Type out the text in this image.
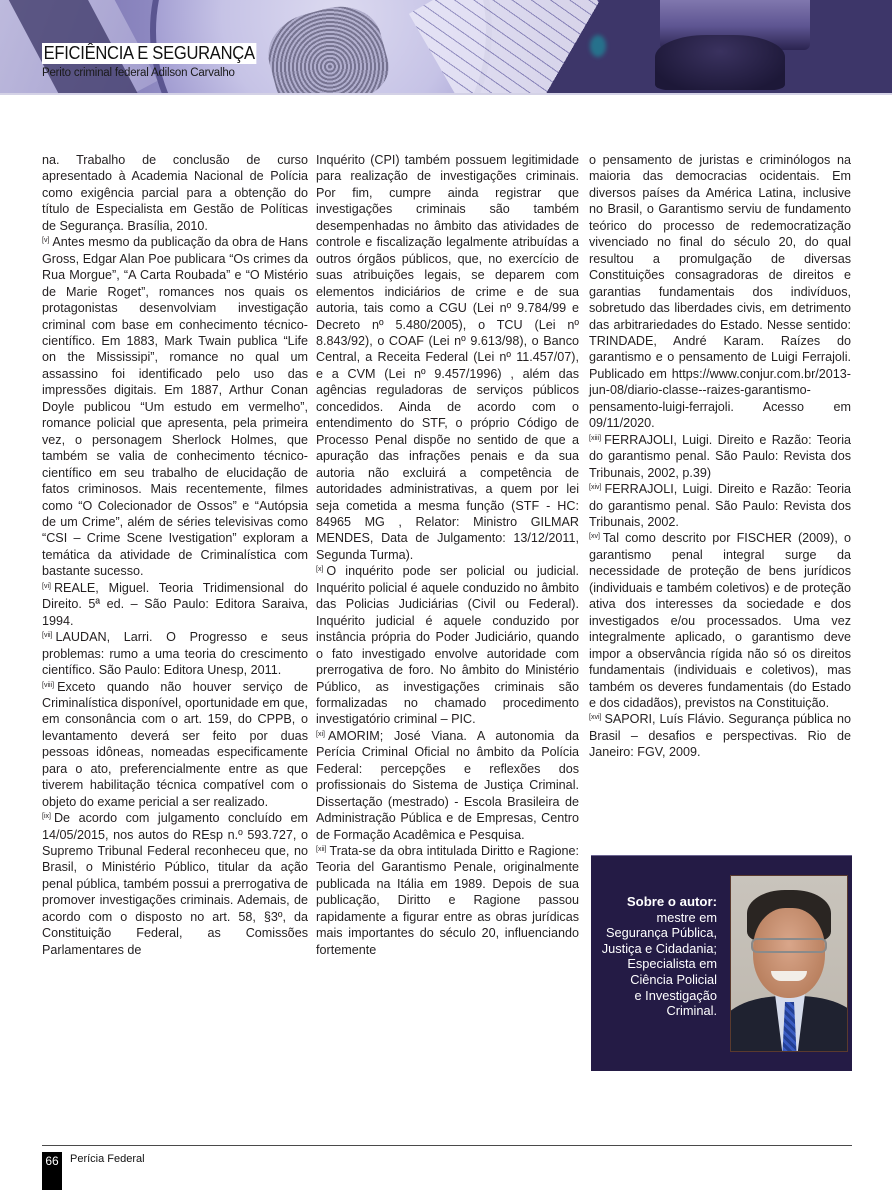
EFICIÊNCIA E SEGURANÇA
Perito criminal federal Adilson Carvalho

na. Trabalho de conclusão de curso apresentado à Academia Nacional de Polícia como exigência parcial para a obtenção do título de Especialista em Gestão de Políticas de Segurança. Brasília, 2010.

[v] Antes mesmo da publicação da obra de Hans Gross, Edgar Alan Poe publicara “Os crimes da Rua Morgue”, “A Carta Roubada” e “O Mistério de Marie Roget”, romances nos quais os protagonistas desenvolviam investigação criminal com base em conhecimento técnico-científico. Em 1883, Mark Twain publica “Life on the Mississipi”, romance no qual um assassino foi identificado pelo uso das impressões digitais. Em 1887, Arthur Conan Doyle publicou “Um estudo em vermelho”, romance policial que apresenta, pela primeira vez, o personagem Sherlock Holmes, que também se valia de conhecimento técnico-científico em seu trabalho de elucidação de fatos criminosos. Mais recentemente, filmes como “O Colecionador de Ossos” e “Autópsia de um Crime”, além de séries televisivas como “CSI – Crime Scene Ivestigation” exploram a temática da atividade de Criminalística com bastante sucesso.

[vi] REALE, Miguel. Teoria Tridimensional do Direito. 5ª ed. – São Paulo: Editora Saraiva, 1994.

[vii] LAUDAN, Larri. O Progresso e seus problemas: rumo a uma teoria do crescimento científico. São Paulo: Editora Unesp, 2011.

[viii] Exceto quando não houver serviço de Criminalística disponível, oportunidade em que, em consonância com o art. 159, do CPPB, o levantamento deverá ser feito por duas pessoas idôneas, nomeadas especificamente para o ato, preferencialmente entre as que tiverem habilitação técnica compatível com o objeto do exame pericial a ser realizado.

[ix] De acordo com julgamento concluído em 14/05/2015, nos autos do REsp n.º 593.727, o Supremo Tribunal Federal reconheceu que, no Brasil, o Ministério Público, titular da ação penal pública, também possui a prerrogativa de promover investigações criminais. Ademais, de acordo com o disposto no art. 58, §3º, da Constituição Federal, as Comissões Parlamentares de

Inquérito (CPI) também possuem legitimidade para realização de investigações criminais. Por fim, cumpre ainda registrar que investigações criminais são também desempenhadas no âmbito das atividades de controle e fiscalização legalmente atribuídas a outros órgãos públicos, que, no exercício de suas atribuições legais, se deparem com elementos indiciários de crime e de sua autoria, tais como a CGU (Lei nº 9.784/99 e Decreto nº 5.480/2005), o TCU (Lei nº 8.843/92), o COAF (Lei nº 9.613/98), o Banco Central, a Receita Federal (Lei nº 11.457/07), e a CVM (Lei nº 9.457/1996) , além das agências reguladoras de serviços públicos concedidos. Ainda de acordo com o entendimento do STF, o próprio Código de Processo Penal dispõe no sentido de que a apuração das infrações penais e da sua autoria não excluirá a competência de autoridades administrativas, a quem por lei seja cometida a mesma função (STF - HC: 84965 MG , Relator: Ministro GILMAR MENDES, Data de Julgamento: 13/12/2011, Segunda Turma).

[x] O inquérito pode ser policial ou judicial. Inquérito policial é aquele conduzido no âmbito das Policias Judiciárias (Civil ou Federal). Inquérito judicial é aquele conduzido por instância própria do Poder Judiciário, quando o fato investigado envolve autoridade com prerrogativa de foro. No âmbito do Ministério Público, as investigações criminais são formalizadas no chamado procedimento investigatório criminal – PIC.

[xi] AMORIM; José Viana. A autonomia da Perícia Criminal Oficial no âmbito da Polícia Federal: percepções e reflexões dos profissionais do Sistema de Justiça Criminal. Dissertação (mestrado) - Escola Brasileira de Administração Pública e de Empresas, Centro de Formação Acadêmica e Pesquisa.

[xii] Trata-se da obra intitulada Diritto e Ragione: Teoria del Garantismo Penale, originalmente publicada na Itália em 1989. Depois de sua publicação, Diritto e Ragione passou rapidamente a figurar entre as obras jurídicas mais importantes do século 20, influenciando fortemente

o pensamento de juristas e criminólogos na maioria das democracias ocidentais. Em diversos países da América Latina, inclusive no Brasil, o Garantismo serviu de fundamento teórico do processo de redemocratização vivenciado no final do século 20, do qual resultou a promulgação de diversas Constituições consagradoras de direitos e garantias fundamentais dos indivíduos, sobretudo das liberdades civis, em detrimento das arbitrariedades do Estado. Nesse sentido: TRINDADE, André Karam. Raízes do garantismo e o pensamento de Luigi Ferrajoli. Publicado em https://www.conjur.com.br/2013-jun-08/diario-classe--raizes-garantismo-pensamento-luigi-ferrajoli. Acesso em 09/11/2020.

[xiii] FERRAJOLI, Luigi. Direito e Razão: Teoria do garantismo penal. São Paulo: Revista dos Tribunais, 2002, p.39)

[xiv] FERRAJOLI, Luigi. Direito e Razão: Teoria do garantismo penal. São Paulo: Revista dos Tribunais, 2002.

[xv] Tal como descrito por FISCHER (2009), o garantismo penal integral surge da necessidade de proteção de bens jurídicos (individuais e também coletivos) e de proteção ativa dos interesses da sociedade e dos investigados e/ou processados. Uma vez integralmente aplicado, o garantismo deve impor a observância rígida não só os direitos fundamentais (individuais e coletivos), mas também os deveres fundamentais (do Estado e dos cidadãos), previstos na Constituição.

[xvi] SAPORI, Luís Flávio. Segurança pública no Brasil – desafios e perspectivas. Rio de Janeiro: FGV, 2009.

Sobre o autor:
mestre em
Segurança Pública,
Justiça e Cidadania;
Especialista em
Ciência Policial
e Investigação
Criminal.
66	Perícia Federal
